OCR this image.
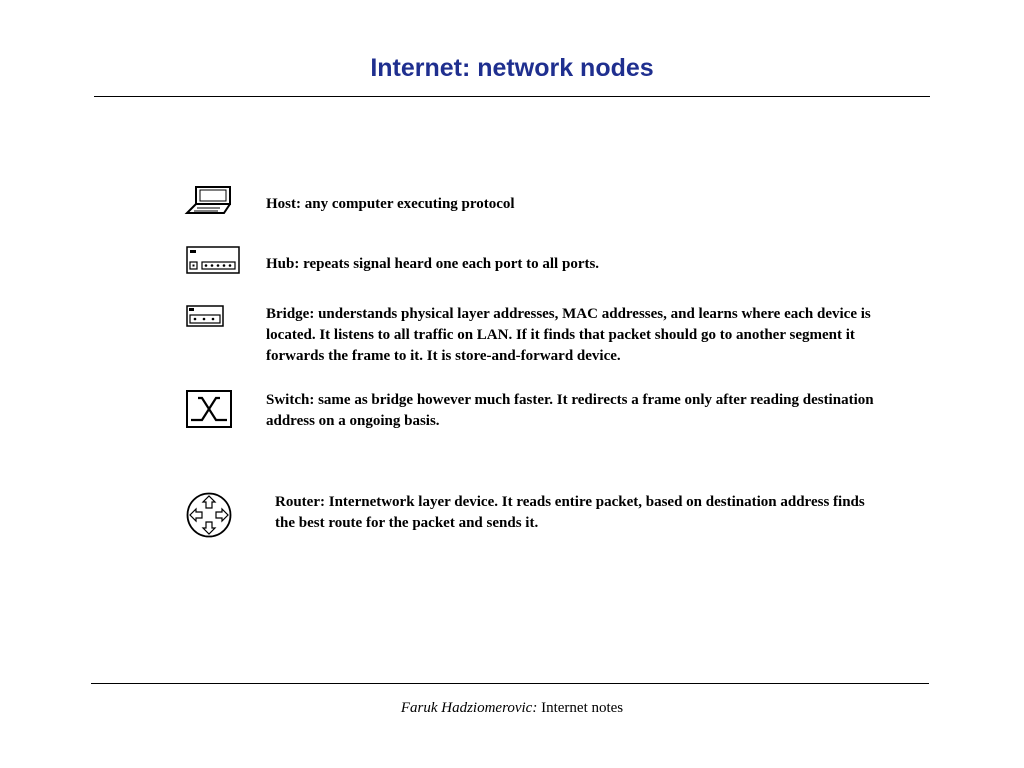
Internet: network nodes

Host: any computer executing protocol

Hub: repeats signal heard one each port to all ports.

Bridge: understands physical layer addresses, MAC addresses, and learns where each device is located. It listens to all traffic on LAN. If it finds that packet should go to another segment it forwards the frame to it. It is store-and-forward device.

Switch: same as bridge however much faster. It redirects a frame only after reading destination address on a ongoing basis.

Router: Internetwork layer device. It reads entire packet, based on destination address finds the best route for the packet and sends it.

Faruk Hadziomerovic: Internet notes
